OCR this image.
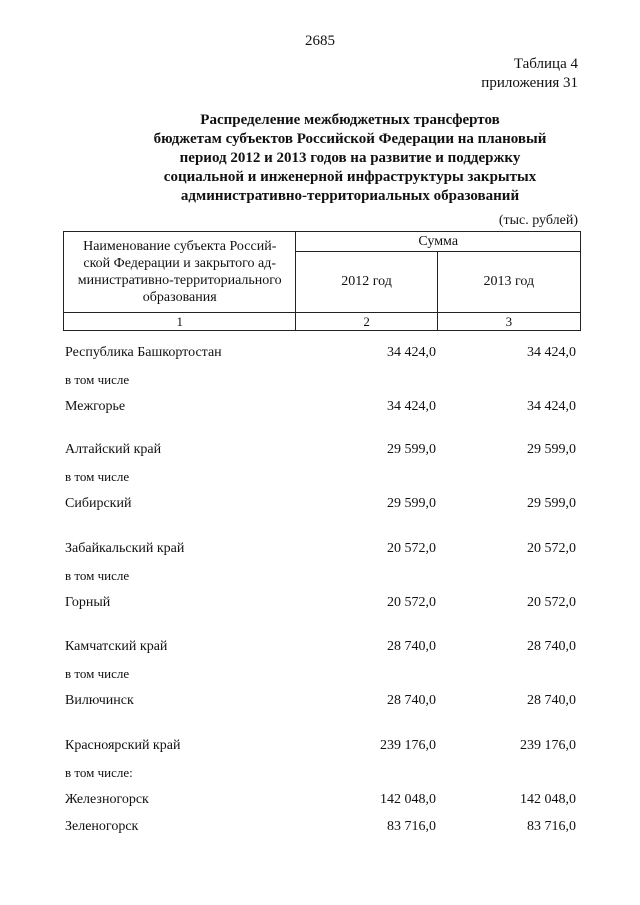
2685
Таблица 4
приложения 31
Распределение межбюджетных трансфертов
бюджетам субъектов Российской Федерации на плановый
период 2012 и 2013 годов на развитие и поддержку
социальной и инженерной инфраструктуры закрытых
административно-территориальных образований
(тыс. рублей)
Наименование субъекта Россий-
ской Федерации и закрытого ад-
министративно-территориального
образования	Сумма	
	2012 год	2013 год
1	2	3
Республика Башкортостан	34 424,0	34 424,0
в том числе
Межгорье	34 424,0	34 424,0
Алтайский край	29 599,0	29 599,0
в том числе
Сибирский	29 599,0	29 599,0
Забайкальский край	20 572,0	20 572,0
в том числе
Горный	20 572,0	20 572,0
Камчатский край	28 740,0	28 740,0
в том числе
Вилючинск	28 740,0	28 740,0
Красноярский край	239 176,0	239 176,0
в том числе:
Железногорск	142 048,0	142 048,0
Зеленогорск	83 716,0	83 716,0
